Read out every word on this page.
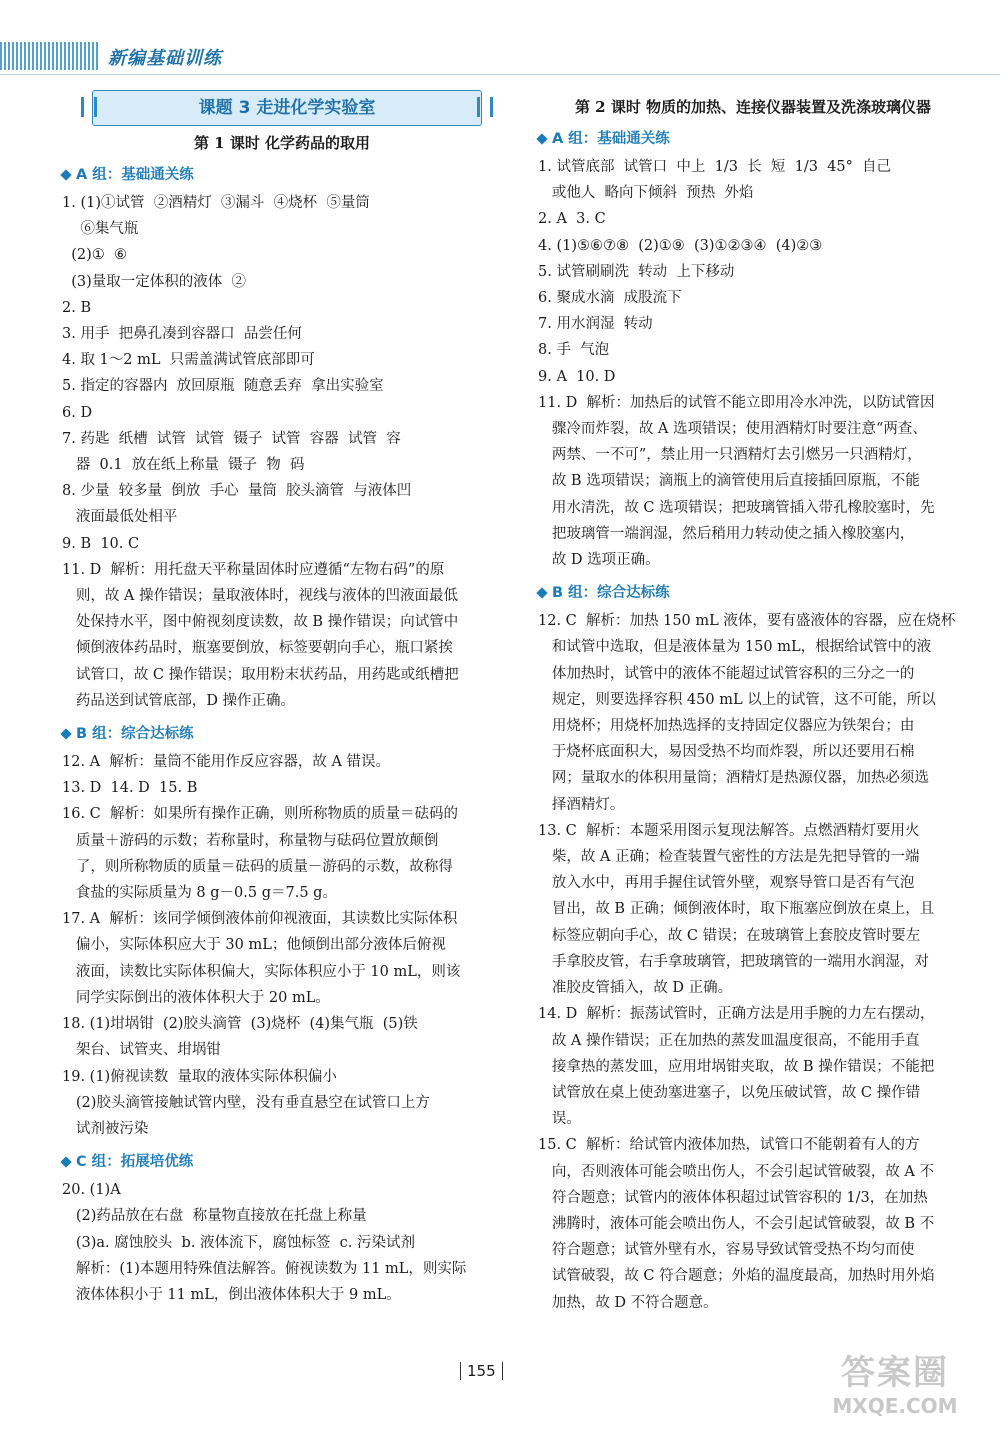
新编基础训练
课题 3 走进化学实验室
第 1 课时 化学药品的取用
A 组：基础通关练
1. (1)①试管  ②酒精灯  ③漏斗  ④烧杯  ⑤量筒
⑥集气瓶
(2)①  ⑥
(3)量取一定体积的液体  ②
2. B
3. 用手  把鼻孔凑到容器口  品尝任何
4. 取 1～2 mL  只需盖满试管底部即可
5. 指定的容器内  放回原瓶  随意丢弃  拿出实验室
6. D
7. 药匙  纸槽  试管  试管  镊子  试管  容器  试管  容
器  0.1  放在纸上称量  镊子  物  码
8. 少量  较多量  倒放  手心  量筒  胶头滴管  与液体凹
液面最低处相平
9. B  10. C
11. D  解析：用托盘天平称量固体时应遵循“左物右码”的原
则，故 A 操作错误；量取液体时，视线与液体的凹液面最低
处保持水平，图中俯视刻度读数，故 B 操作错误；向试管中
倾倒液体药品时，瓶塞要倒放，标签要朝向手心，瓶口紧挨
试管口，故 C 操作错误；取用粉末状药品，用药匙或纸槽把
药品送到试管底部，D 操作正确。
B 组：综合达标练
12. A  解析：量筒不能用作反应容器，故 A 错误。
13. D  14. D  15. B
16. C  解析：如果所有操作正确，则所称物质的质量＝砝码的
质量＋游码的示数；若称量时，称量物与砝码位置放颠倒
了，则所称物质的质量＝砝码的质量－游码的示数，故称得
食盐的实际质量为 8 g－0.5 g＝7.5 g。
17. A  解析：该同学倾倒液体前仰视液面，其读数比实际体积
偏小，实际体积应大于 30 mL；他倾倒出部分液体后俯视
液面，读数比实际体积偏大，实际体积应小于 10 mL，则该
同学实际倒出的液体体积大于 20 mL。
18. (1)坩埚钳  (2)胶头滴管  (3)烧杯  (4)集气瓶  (5)铁
架台、试管夹、坩埚钳
19. (1)俯视读数  量取的液体实际体积偏小
(2)胶头滴管接触试管内壁，没有垂直悬空在试管口上方
试剂被污染
C 组：拓展培优练
20. (1)A
(2)药品放在右盘  称量物直接放在托盘上称量
(3)a. 腐蚀胶头  b. 液体流下，腐蚀标签  c. 污染试剂
解析：(1)本题用特殊值法解答。俯视读数为 11 mL，则实际
液体体积小于 11 mL，倒出液体体积大于 9 mL。
第 2 课时 物质的加热、连接仪器装置及洗涤玻璃仪器
A 组：基础通关练
1. 试管底部  试管口  中上  1/3  长  短  1/3  45°  自己
或他人  略向下倾斜  预热  外焰
2. A  3. C
4. (1)⑤⑥⑦⑧  (2)①⑨  (3)①②③④  (4)②③
5. 试管刷刷洗  转动  上下移动
6. 聚成水滴  成股流下
7. 用水润湿  转动
8. 手  气泡
9. A  10. D
11. D  解析：加热后的试管不能立即用冷水冲洗，以防试管因
骤冷而炸裂，故 A 选项错误；使用酒精灯时要注意“两查、
两禁、一不可”，禁止用一只酒精灯去引燃另一只酒精灯，
故 B 选项错误；滴瓶上的滴管使用后直接插回原瓶，不能
用水清洗，故 C 选项错误；把玻璃管插入带孔橡胶塞时，先
把玻璃管一端润湿，然后稍用力转动使之插入橡胶塞内，
故 D 选项正确。
B 组：综合达标练
12. C  解析：加热 150 mL 液体，要有盛液体的容器，应在烧杯
和试管中选取，但是液体量为 150 mL，根据给试管中的液
体加热时，试管中的液体不能超过试管容积的三分之一的
规定，则要选择容积 450 mL 以上的试管，这不可能，所以
用烧杯；用烧杯加热选择的支持固定仪器应为铁架台；由
于烧杯底面积大，易因受热不均而炸裂，所以还要用石棉
网；量取水的体积用量筒；酒精灯是热源仪器，加热必须选
择酒精灯。
13. C  解析：本题采用图示复现法解答。点燃酒精灯要用火
柴，故 A 正确；检查装置气密性的方法是先把导管的一端
放入水中，再用手握住试管外壁，观察导管口是否有气泡
冒出，故 B 正确；倾倒液体时，取下瓶塞应倒放在桌上，且
标签应朝向手心，故 C 错误；在玻璃管上套胶皮管时要左
手拿胶皮管，右手拿玻璃管，把玻璃管的一端用水润湿，对
准胶皮管插入，故 D 正确。
14. D  解析：振荡试管时，正确方法是用手腕的力左右摆动，
故 A 操作错误；正在加热的蒸发皿温度很高，不能用手直
接拿热的蒸发皿，应用坩埚钳夹取，故 B 操作错误；不能把
试管放在桌上使劲塞进塞子，以免压破试管，故 C 操作错
误。
15. C  解析：给试管内液体加热，试管口不能朝着有人的方
向，否则液体可能会喷出伤人，不会引起试管破裂，故 A 不
符合题意；试管内的液体体积超过试管容积的 1/3，在加热
沸腾时，液体可能会喷出伤人，不会引起试管破裂，故 B 不
符合题意；试管外壁有水，容易导致试管受热不均匀而使
试管破裂，故 C 符合题意；外焰的温度最高，加热时用外焰
加热，故 D 不符合题意。
155	答案圈
MXQE.COM
